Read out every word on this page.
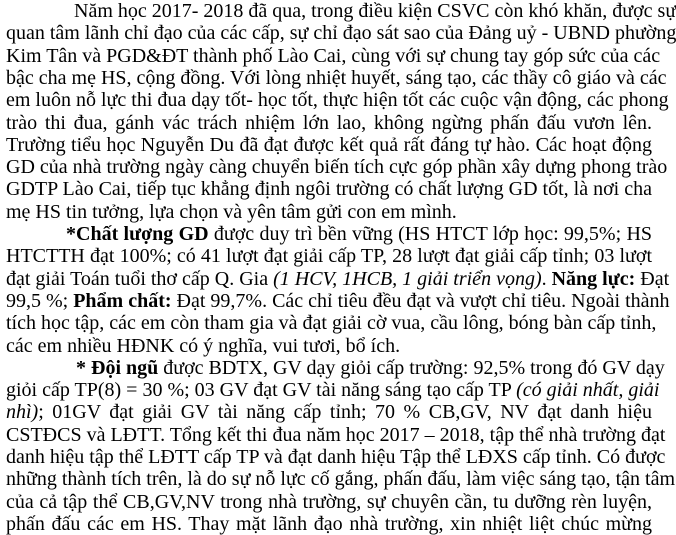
Năm học 2017- 2018 đã qua, trong điều kiện CSVC còn khó khăn, được sự
quan tâm lãnh chỉ đạo của các cấp, sự chỉ đạo sát sao của Đảng uỷ - UBND phường
Kim Tân và PGD&ĐT thành phố Lào Cai, cùng với sự chung tay góp sức của các
bậc cha mẹ HS, cộng đồng. Với lòng nhiệt huyết, sáng tạo, các thầy cô giáo và các
em luôn nỗ lực thi đua dạy tốt- học tốt, thực hiện tốt các cuộc vận động, các phong
trào thi đua, gánh vác trách nhiệm lớn lao, không ngừng phấn đấu vươn lên.
Trường tiểu học Nguyễn Du đã đạt được kết quả rất đáng tự hào. Các hoạt động
GD của nhà trường ngày càng chuyển biến tích cực góp phần xây dựng phong trào
GDTP Lào Cai, tiếp tục khẳng định ngôi trường có chất lượng GD tốt, là nơi cha
mẹ HS tin tưởng, lựa chọn và yên tâm gửi con em mình.
*Chất lượng GD được duy trì bền vững (HS HTCT lớp học: 99,5%; HS
HTCTTH đạt 100%; có 41 lượt đạt giải cấp TP, 28 lượt đạt giải cấp tỉnh; 03 lượt
đạt giải Toán tuổi thơ cấp Q. Gia (1 HCV, 1HCB, 1 giải triển vọng). Năng lực: Đạt
99,5 %; Phẩm chất: Đạt 99,7%. Các chỉ tiêu đều đạt và vượt chỉ tiêu. Ngoài thành
tích học tập, các em còn tham gia và đạt giải cờ vua, cầu lông, bóng bàn cấp tỉnh,
các em nhiều HĐNK có ý nghĩa, vui tươi, bổ ích.
* Đội ngũ được BDTX, GV dạy giỏi cấp trường: 92,5% trong đó GV dạy
giỏi cấp TP(8) = 30 %; 03 GV đạt GV tài năng sáng tạo cấp TP (có giải nhất, giải
nhì); 01GV đạt giải GV tài năng cấp tỉnh; 70 % CB,GV, NV đạt danh hiệu
CSTĐCS và LĐTT. Tổng kết thi đua năm học 2017 – 2018, tập thể nhà trường đạt
danh hiệu tập thể LĐTT cấp TP và đạt danh hiệu Tập thể LĐXS cấp tỉnh. Có được
những thành tích trên, là do sự nỗ lực cố gắng, phấn đấu, làm việc sáng tạo, tận tâm
của cả tập thể CB,GV,NV trong nhà trường, sự chuyên cần, tu dưỡng rèn luyện,
phấn đấu các em HS. Thay mặt lãnh đạo nhà trường, xin nhiệt liệt chúc mừng
